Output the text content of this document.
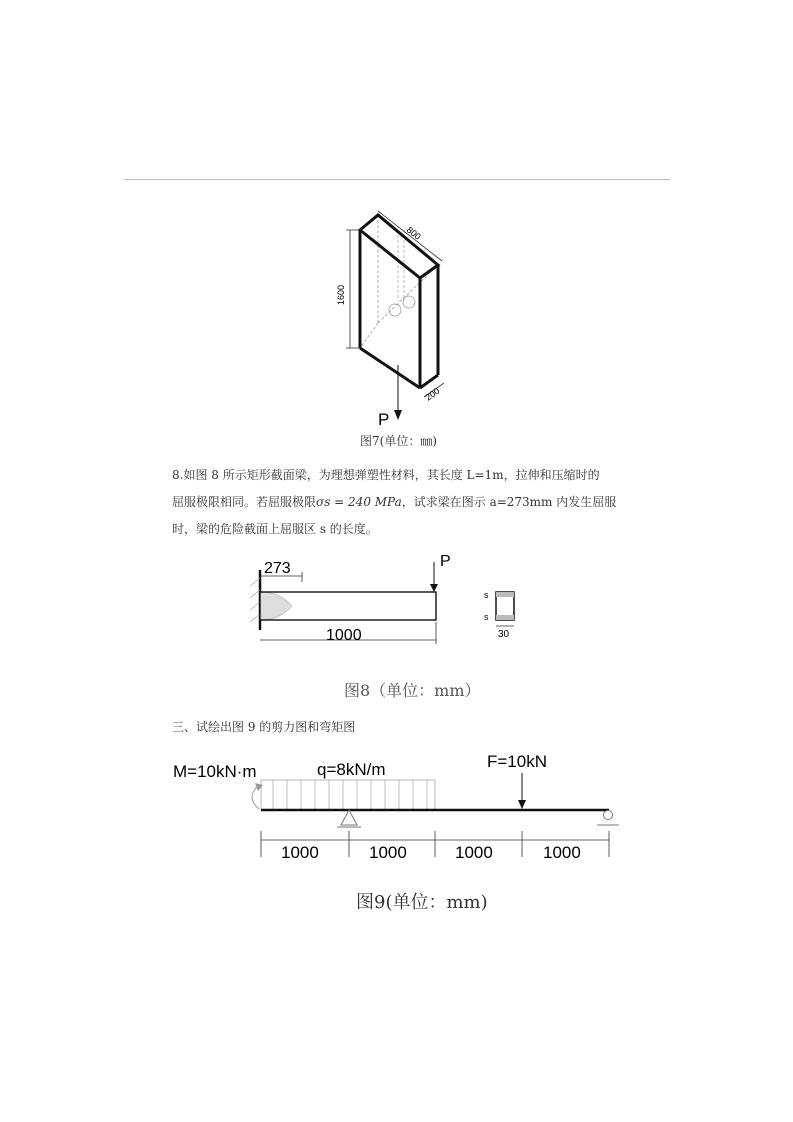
800
1600
200
P
图7(单位：㎜)
8.如图 8 所示矩形截面梁，为理想弹塑性材料，其长度 L=1m，拉伸和压缩时的
屈服极限相同。若屈服极限σs = 240 MPa，试求梁在图示 a=273mm 内发生屈服
时，梁的危险截面上屈服区 s 的长度。
273
1000
P
s
s
30
图8（单位：mm）
三、试绘出图 9 的剪力图和弯矩图
M=10kN·m	q=8kN/m	F=10kN
1000	1000	1000	1000
图9(单位：mm)
